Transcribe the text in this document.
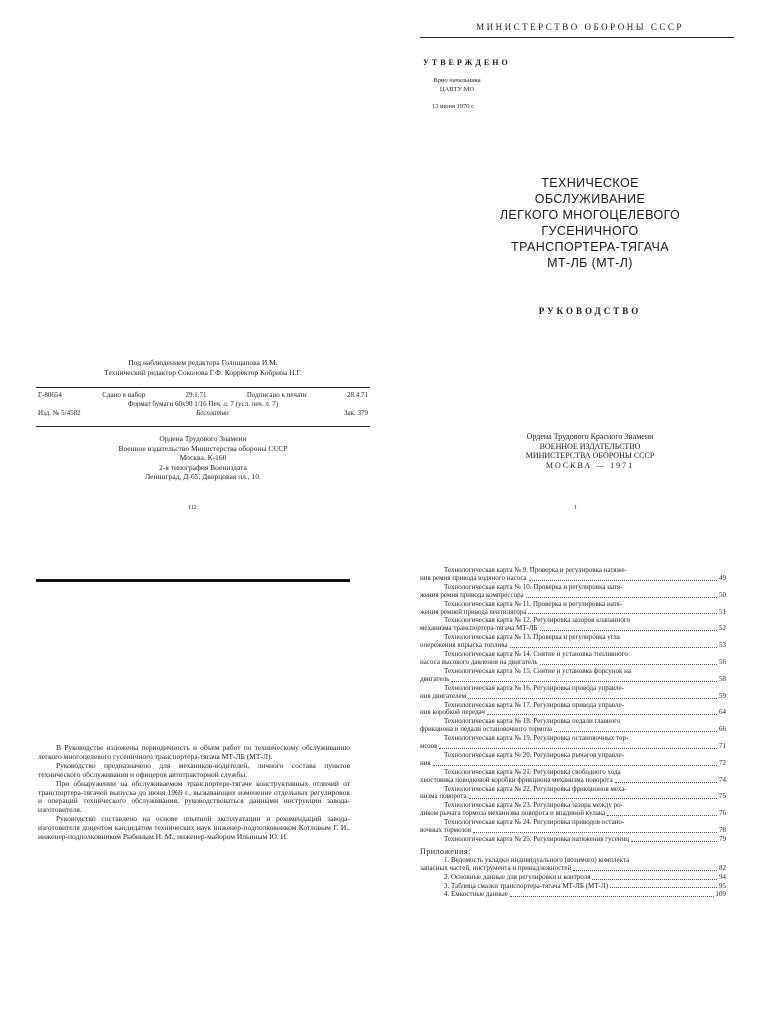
МИНИСТЕРСТВО ОБОРОНЫ СССР
УТВЕРЖДЕНО
Врио начальника
ЦАВТУ МО
13 июня 1970 г.
ТЕХНИЧЕСКОЕ
ОБСЛУЖИВАНИЕ
ЛЕГКОГО МНОГОЦЕЛЕВОГО
ГУСЕНИЧНОГО
ТРАНСПОРТЕРА-ТЯГАЧА
МТ-ЛБ (МТ-Л)
РУКОВОДСТВО
Ордена Трудового Красного Знамени
ВОЕННОЕ ИЗДАТЕЛЬСТВО
МИНИСТЕРСТВА ОБОРОНЫ СССР
МОСКВА — 1971
1
Под наблюдением редактора Голощапова И.М.
Технический редактор Соколова Г.Ф. Корректор Кобрина Н.Г.
Г-80654	Сдано в набор	29.1.71	Подписано к печати	28.4.71
Формат бумаги 60x90 1/16 Печ. л. 7 (усл. печ. л. 7)
Изд. № 5/4582	Бесплатно	Зак. 379
Ордена Трудового Знамени
Военное издательство Министерства обороны СССР
Москва, К-160
2-я типография Воениздата
Ленинград, Д-65, Дворцовая пл., 10.
112

В Руководстве изложены периодичность и объем работ по техническому обслуживанию легкого многоцелевого гусеничного транспортера-тягача МТ-ЛБ (МТ-Л).

Руководство предназначено для механиков-водителей, личного состава пунктов технического обслуживания и офицеров автотракторной службы.

При обнаружении на обслуживаемом транспортере-тягаче конструктивных отличий от транспортера-тягачей выпуска до июня 1969 г., вызывающих изменение отдельных регулировок и операций технического обслуживания, руководствоваться данными инструкции завода-изготовителя.

Руководство составлено на основе опытной эксплуатации и рекомендаций завода-изготовителя доцентом кандидатом технических наук инженер-подполковником Котловым Г. И., инженер-подполковником Рыбиным Н. М., инженер-майором Ильиным Ю. Н.

Технологическая карта № 9. Проверка и регулировка натяже-
ния ремня привода водяного насоса	49
Технологическая карта № 10. Проверка и регулировка натя-
жения ремня привода компрессора	50
Технологическая карта № 11. Проверка и регулировка натя-
жения ремней привода вентилятора	51
Технологическая карта № 12. Регулировка зазоров клапанного
механизма транспортера-тягача МТ-ЛБ	52
Технологическая карта № 13. Проверка и регулировка угла
опережения впрыска топлива	53
Технологическая карта № 14. Снятие и установка топливного
насоса высокого давления на двигатель	56
Технологическая карта № 15. Снятие и установка форсунок на
двигатель	58
Технологическая карта № 16. Регулировка привода управле-
ния двигателем	59
Технологическая карта № 17. Регулировка привода управле-
ния коробкой передач	64
Технологическая карта № 18. Регулировка педали главного
фрикциона и педали остановочного тормоза	66
Технологическая карта № 19. Регулировка остановочных тор-
мозов	71
Технологическая карта № 20. Регулировка рычагов управле-
ния	72
Технологическая карта № 21. Регулировка свободного хода
хвостовика поводковой коробки фрикциона механизма поворота	74
Технологическая карта № 22. Регулировка фрикционов меха-
низма поворота	75
Технологическая карта № 23. Регулировка зазора между ро-
ликом рычага тормоза механизма поворота и впадиной кулака	76
Технологическая карта № 24. Регулировка приводов остано-
вочных тормозов	78
Технологическая карта № 25. Регулировка натяжения гусениц	79
Приложения:
1. Ведомость укладки индивидуального (возимого) комплекта
запасных частей, инструмента и принадлежностей	82
2. Основные данные для регулировки и контроля	94
3. Таблица смазки транспортера-тягача МТ-ЛБ (МТ-Л)	95
4. Емкостные данные	109
